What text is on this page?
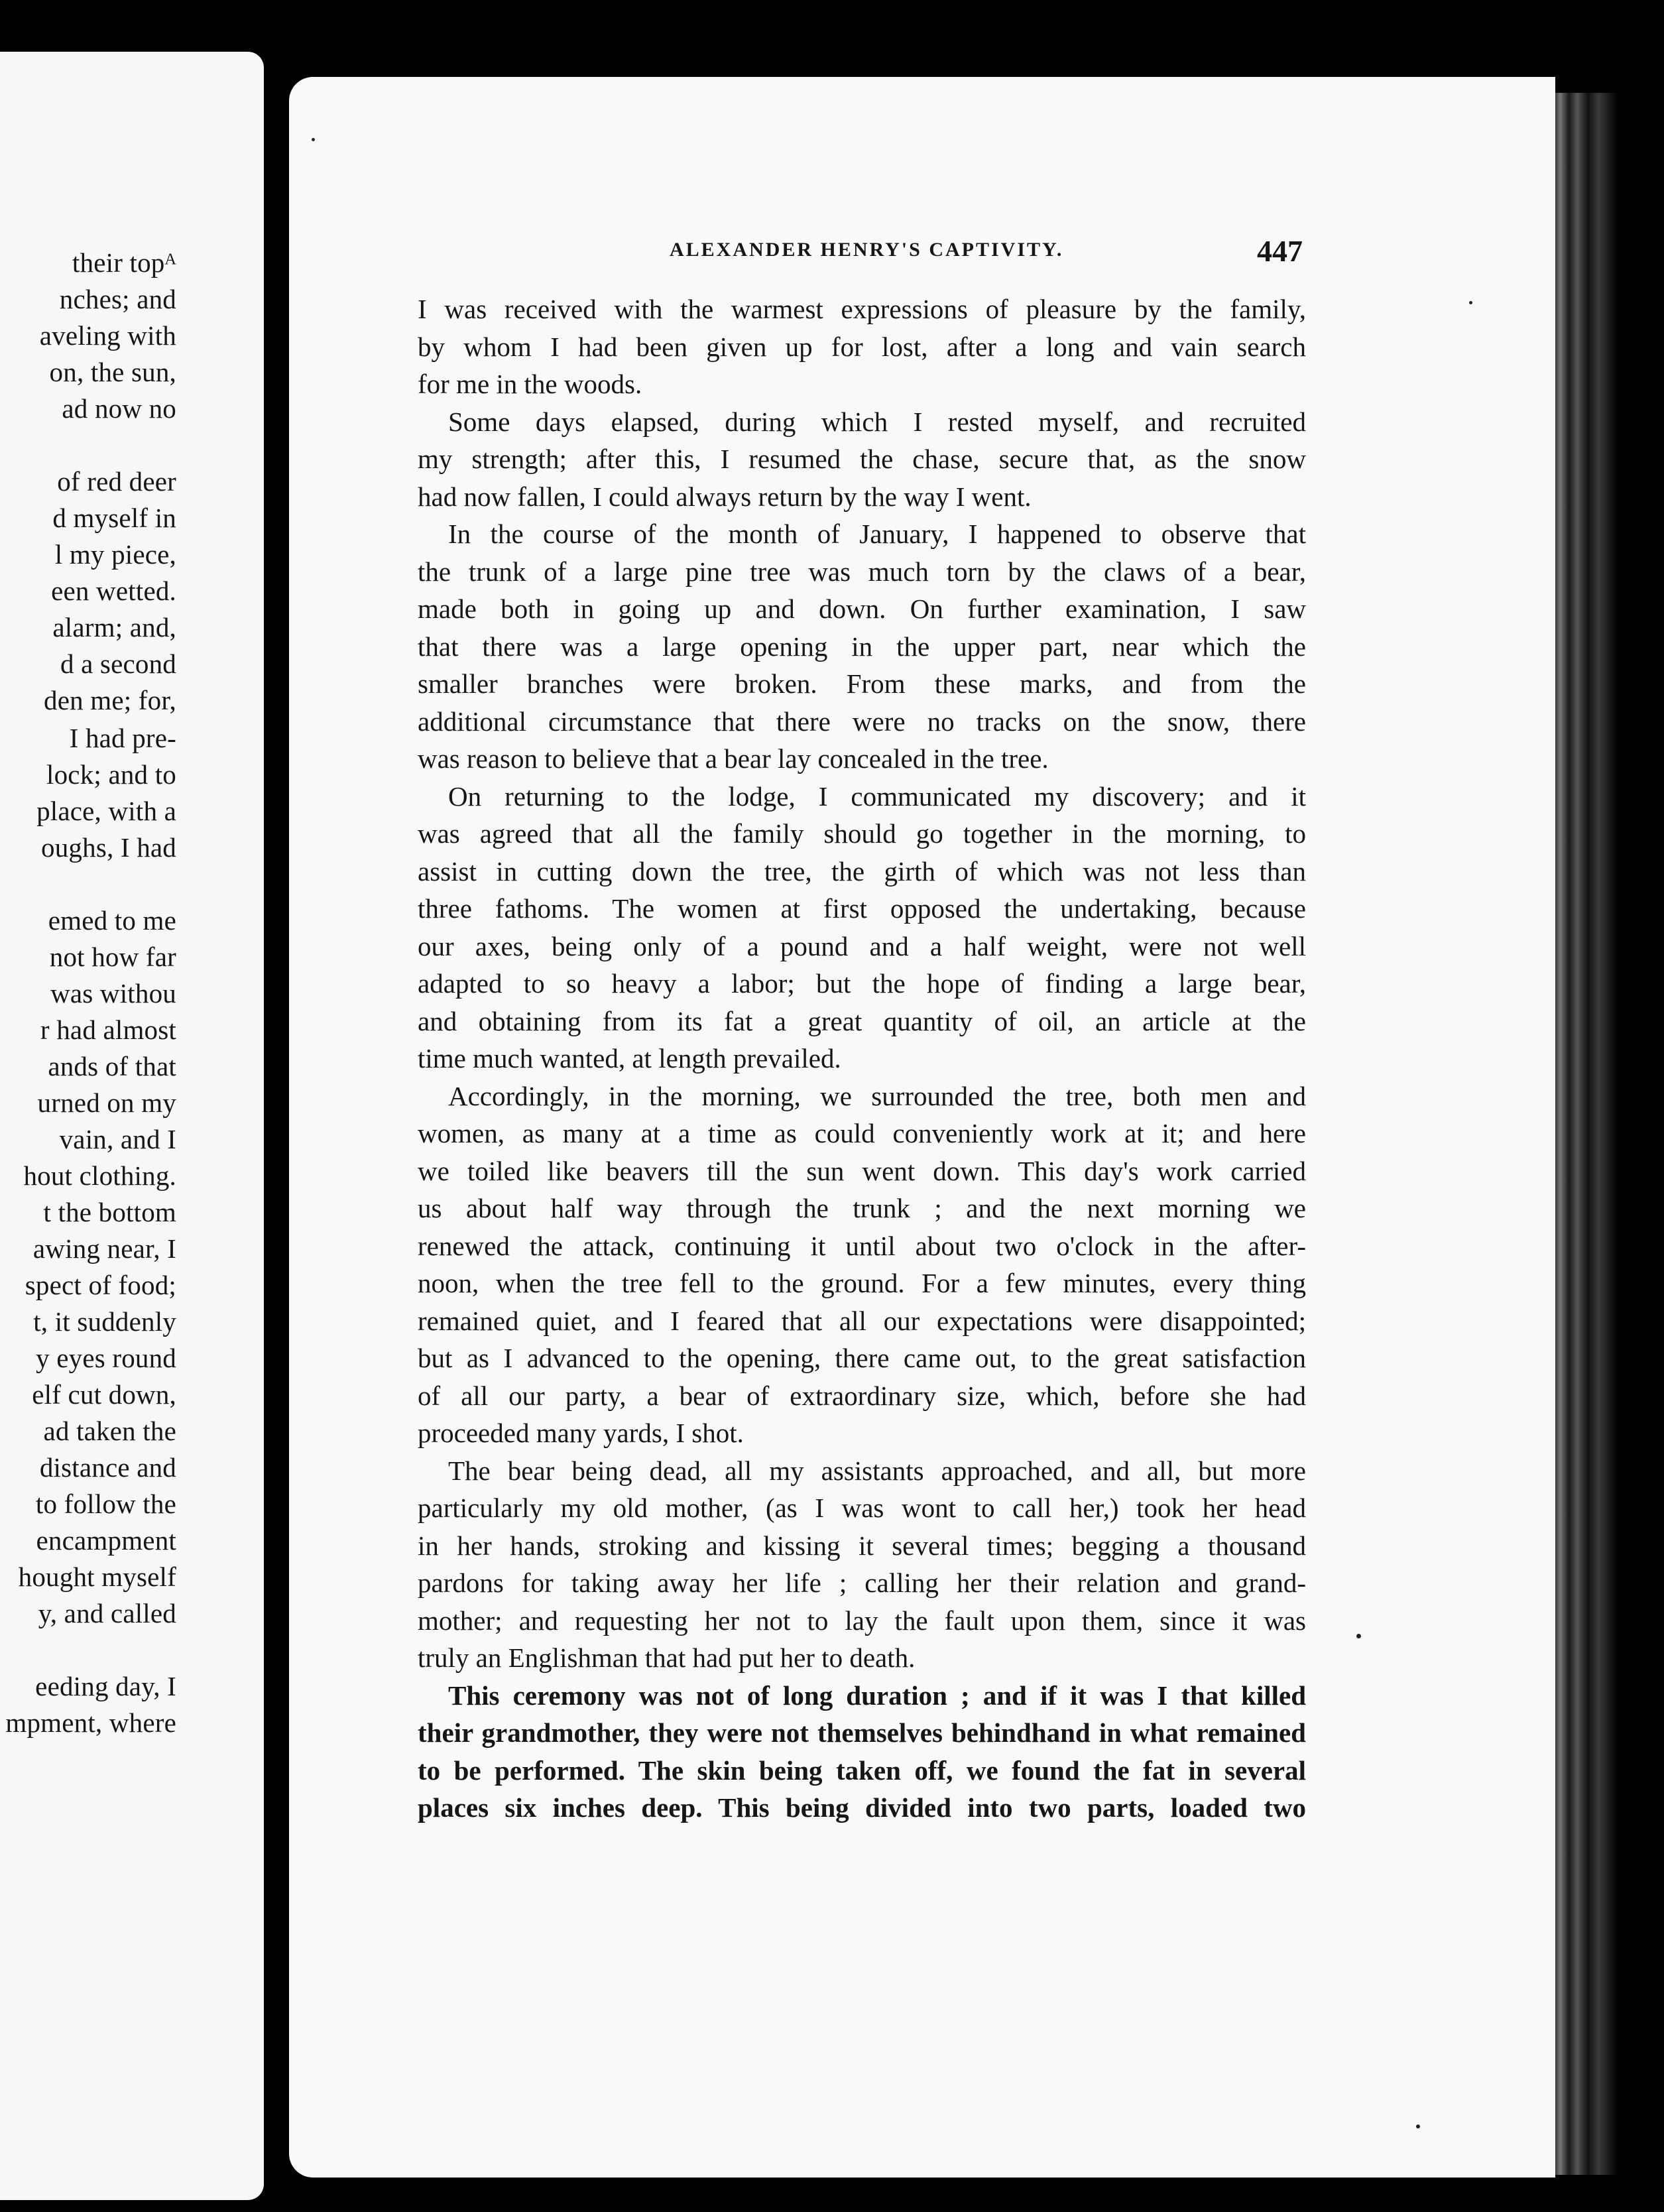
their topᴬ
nches; and
aveling with
on, the sun,
ad now no
of red deer
d myself in
l my piece,
een wetted.
alarm; and,
d a second
den me; for,
I had pre-
lock; and to
place, with a
oughs, I had
emed to me
not how far
was withou
r had almost
ands of that
urned on my
vain, and I
hout clothing.
t the bottom
awing near, I
spect of food;
t, it suddenly
y eyes round
elf cut down,
ad taken the
distance and
to follow the
encampment
hought myself
y, and called
eeding day, I
mpment, where
ALEXANDER HENRY'S CAPTIVITY.	447
I was received with the warmest expressions of pleasure by the family,
by whom I had been given up for lost, after a long and vain search
for me in the woods.
Some days elapsed, during which I rested myself, and recruited
my strength; after this, I resumed the chase, secure that, as the snow
had now fallen, I could always return by the way I went.
In the course of the month of January, I happened to observe that
the trunk of a large pine tree was much torn by the claws of a bear,
made both in going up and down. On further examination, I saw
that there was a large opening in the upper part, near which the
smaller branches were broken. From these marks, and from the
additional circumstance that there were no tracks on the snow, there
was reason to believe that a bear lay concealed in the tree.
On returning to the lodge, I communicated my discovery; and it
was agreed that all the family should go together in the morning, to
assist in cutting down the tree, the girth of which was not less than
three fathoms. The women at first opposed the undertaking, because
our axes, being only of a pound and a half weight, were not well
adapted to so heavy a labor; but the hope of finding a large bear,
and obtaining from its fat a great quantity of oil, an article at the
time much wanted, at length prevailed.
Accordingly, in the morning, we surrounded the tree, both men and
women, as many at a time as could conveniently work at it; and here
we toiled like beavers till the sun went down. This day's work carried
us about half way through the trunk ; and the next morning we
renewed the attack, continuing it until about two o'clock in the after-
noon, when the tree fell to the ground. For a few minutes, every thing
remained quiet, and I feared that all our expectations were disappointed;
but as I advanced to the opening, there came out, to the great satisfaction
of all our party, a bear of extraordinary size, which, before she had
proceeded many yards, I shot.
The bear being dead, all my assistants approached, and all, but more
particularly my old mother, (as I was wont to call her,) took her head
in her hands, stroking and kissing it several times; begging a thousand
pardons for taking away her life ; calling her their relation and grand-
mother; and requesting her not to lay the fault upon them, since it was
truly an Englishman that had put her to death.
This ceremony was not of long duration ; and if it was I that killed
their grandmother, they were not themselves behindhand in what remained
to be performed. The skin being taken off, we found the fat in several
places six inches deep. This being divided into two parts, loaded two
